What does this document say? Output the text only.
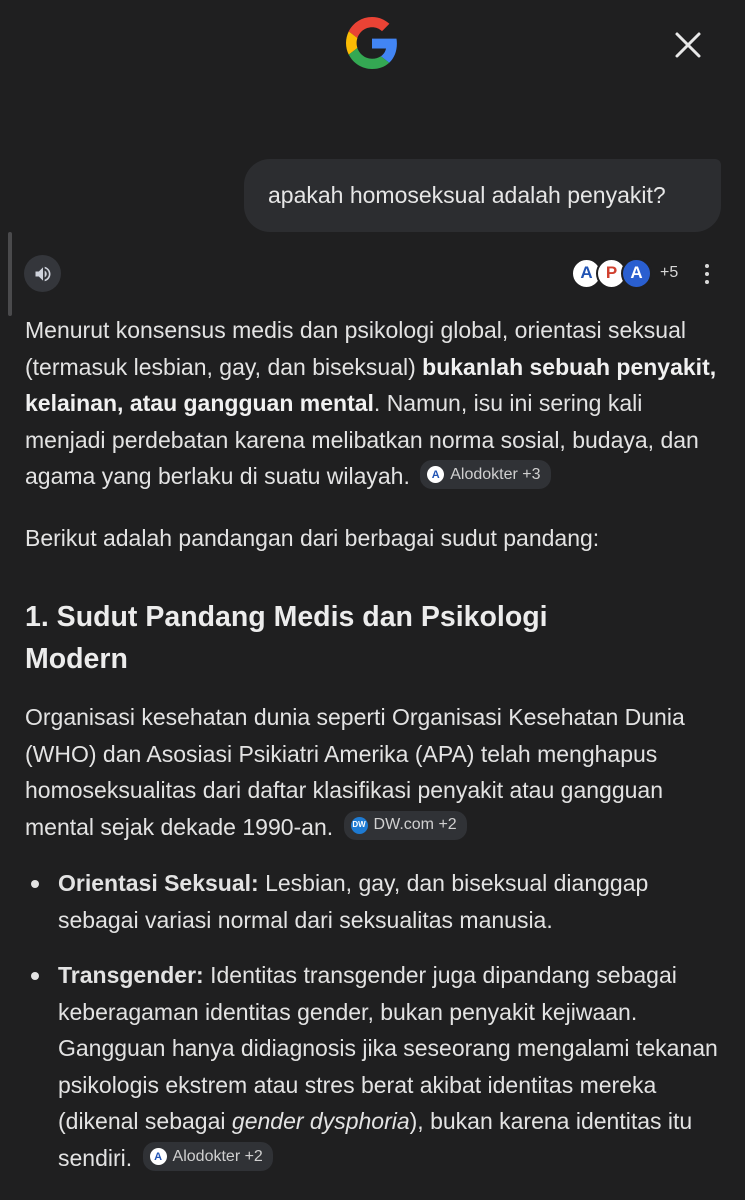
apakah homoseksual adalah penyakit?
A P A	+5
Menurut konsensus medis dan psikologi global, orientasi seksual (termasuk lesbian, gay, dan biseksual) bukanlah sebuah penyakit, kelainan, atau gangguan mental. Namun, isu ini sering kali menjadi perdebatan karena melibatkan norma sosial, budaya, dan agama yang berlaku di suatu wilayah.	A Alodokter +3
Berikut adalah pandangan dari berbagai sudut pandang:
1. Sudut Pandang Medis dan Psikologi Modern
Organisasi kesehatan dunia seperti Organisasi Kesehatan Dunia (WHO) dan Asosiasi Psikiatri Amerika (APA) telah menghapus homoseksualitas dari daftar klasifikasi penyakit atau gangguan mental sejak dekade 1990-an. DW DW.com +2
Orientasi Seksual: Lesbian, gay, dan biseksual dianggap sebagai variasi normal dari seksualitas manusia.
Transgender: Identitas transgender juga dipandang sebagai keberagaman identitas gender, bukan penyakit kejiwaan. Gangguan hanya didiagnosis jika seseorang mengalami tekanan psikologis ekstrem atau stres berat akibat identitas mereka (dikenal sebagai gender dysphoria), bukan karena identitas itu sendiri.	A Alodokter +2
